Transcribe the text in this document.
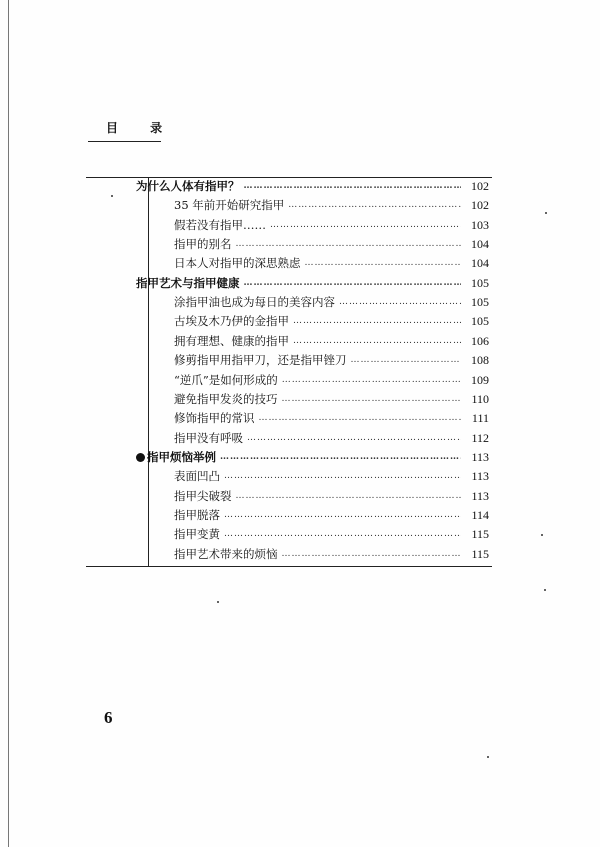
目 录
为什么人体有指甲？ ……………………………………………………………………………………………………………………	102
35 年前开始研究指甲 ……………………………………………………………………………………………………………………	102
假若没有指甲…… ……………………………………………………………………………………………………………………	103
指甲的别名 ……………………………………………………………………………………………………………………	104
日本人对指甲的深思熟虑 ……………………………………………………………………………………………………………………	104
指甲艺术与指甲健康 ……………………………………………………………………………………………………………………	105
涂指甲油也成为每日的美容内容 ……………………………………………………………………………………………………………………	105
古埃及木乃伊的金指甲 ……………………………………………………………………………………………………………………	105
拥有理想、健康的指甲 ……………………………………………………………………………………………………………………	106
修剪指甲用指甲刀，还是指甲锉刀 ……………………………………………………………………………………………………………………	108
“逆爪”是如何形成的 ……………………………………………………………………………………………………………………	109
避免指甲发炎的技巧 ……………………………………………………………………………………………………………………	110
修饰指甲的常识 ……………………………………………………………………………………………………………………	111
指甲没有呼吸 ……………………………………………………………………………………………………………………	112
指甲烦恼举例 ……………………………………………………………………………………………………………………	113
表面凹凸 ……………………………………………………………………………………………………………………	113
指甲尖破裂 ……………………………………………………………………………………………………………………	113
指甲脱落 ……………………………………………………………………………………………………………………	114
指甲变黄 ……………………………………………………………………………………………………………………	115
指甲艺术带来的烦恼 ……………………………………………………………………………………………………………………	115
6
